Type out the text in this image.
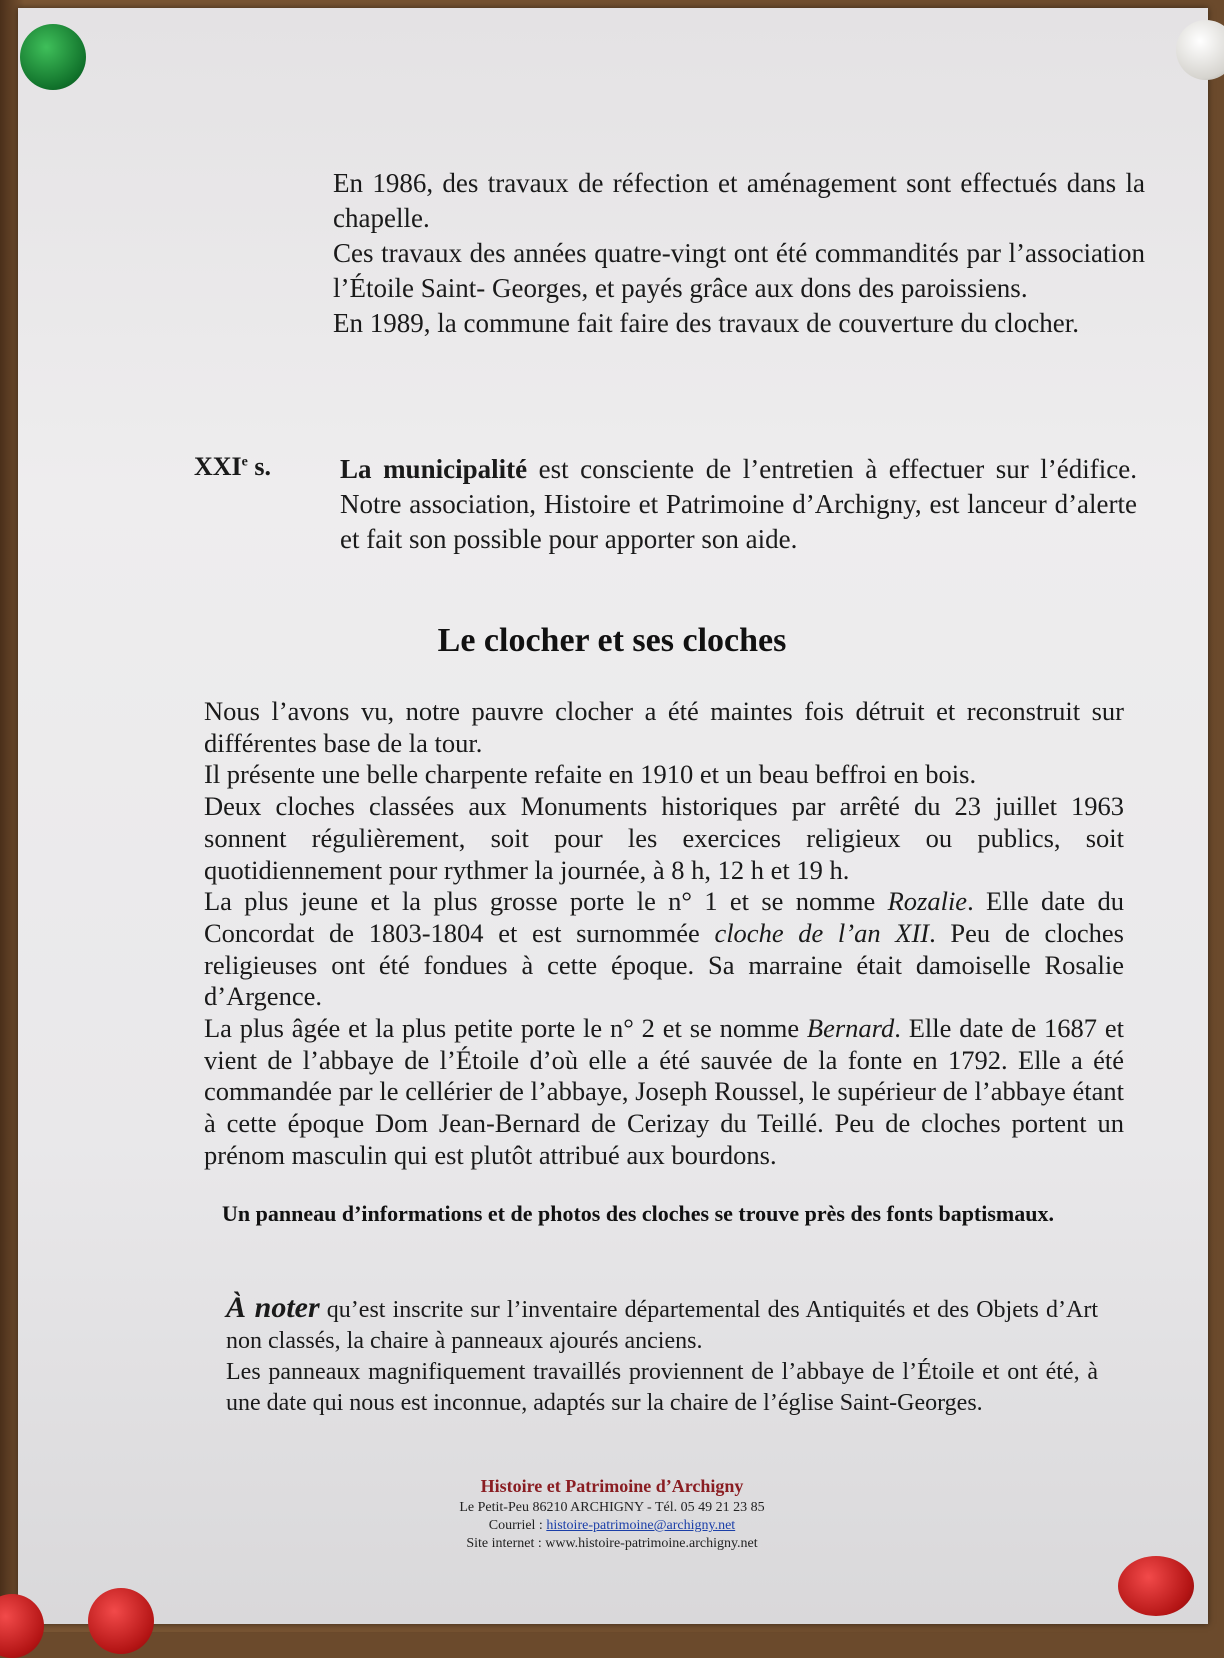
En 1986, des travaux de réfection et aménagement sont effectués dans la chapelle.

Ces travaux des années quatre-vingt ont été commandités par l’association l’Étoile Saint- Georges, et payés grâce aux dons des paroissiens.

En 1989, la commune fait faire des travaux de couverture du clocher.

XXIe s.	La municipalité est consciente de l’entretien à effectuer sur l’édifice. Notre association, Histoire et Patrimoine d’Archigny, est lanceur d’alerte et fait son possible pour apporter son aide.
Le clocher et ses cloches

Nous l’avons vu, notre pauvre clocher a été maintes fois détruit et reconstruit sur différentes base de la tour.

Il présente une belle charpente refaite en 1910 et un beau beffroi en bois.

Deux cloches classées aux Monuments historiques par arrêté du 23 juillet 1963 sonnent régulièrement, soit pour les exercices religieux ou publics, soit quotidiennement pour rythmer la journée, à 8 h, 12 h et 19 h.

La plus jeune et la plus grosse porte le n° 1 et se nomme Rozalie. Elle date du Concordat de 1803-1804 et est surnommée cloche de l’an XII. Peu de cloches religieuses ont été fondues à cette époque. Sa marraine était damoiselle Rosalie d’Argence.

La plus âgée et la plus petite porte le n° 2 et se nomme Bernard. Elle date de 1687 et vient de l’abbaye de l’Étoile d’où elle a été sauvée de la fonte en 1792. Elle a été commandée par le cellérier de l’abbaye, Joseph Roussel, le supérieur de l’abbaye étant à cette époque Dom Jean-Bernard de Cerizay du Teillé. Peu de cloches portent un prénom masculin qui est plutôt attribué aux bourdons.

Un panneau d’informations et de photos des cloches se trouve près des fonts baptismaux.

À noter qu’est inscrite sur l’inventaire départemental des Antiquités et des Objets d’Art non classés, la chaire à panneaux ajourés anciens.

Les panneaux magnifiquement travaillés proviennent de l’abbaye de l’Étoile et ont été, à une date qui nous est inconnue, adaptés sur la chaire de l’église Saint-Georges.

Histoire et Patrimoine d’Archigny
Le Petit-Peu 86210 ARCHIGNY - Tél. 05 49 21 23 85
Courriel : histoire-patrimoine@archigny.net
Site internet : www.histoire-patrimoine.archigny.net
